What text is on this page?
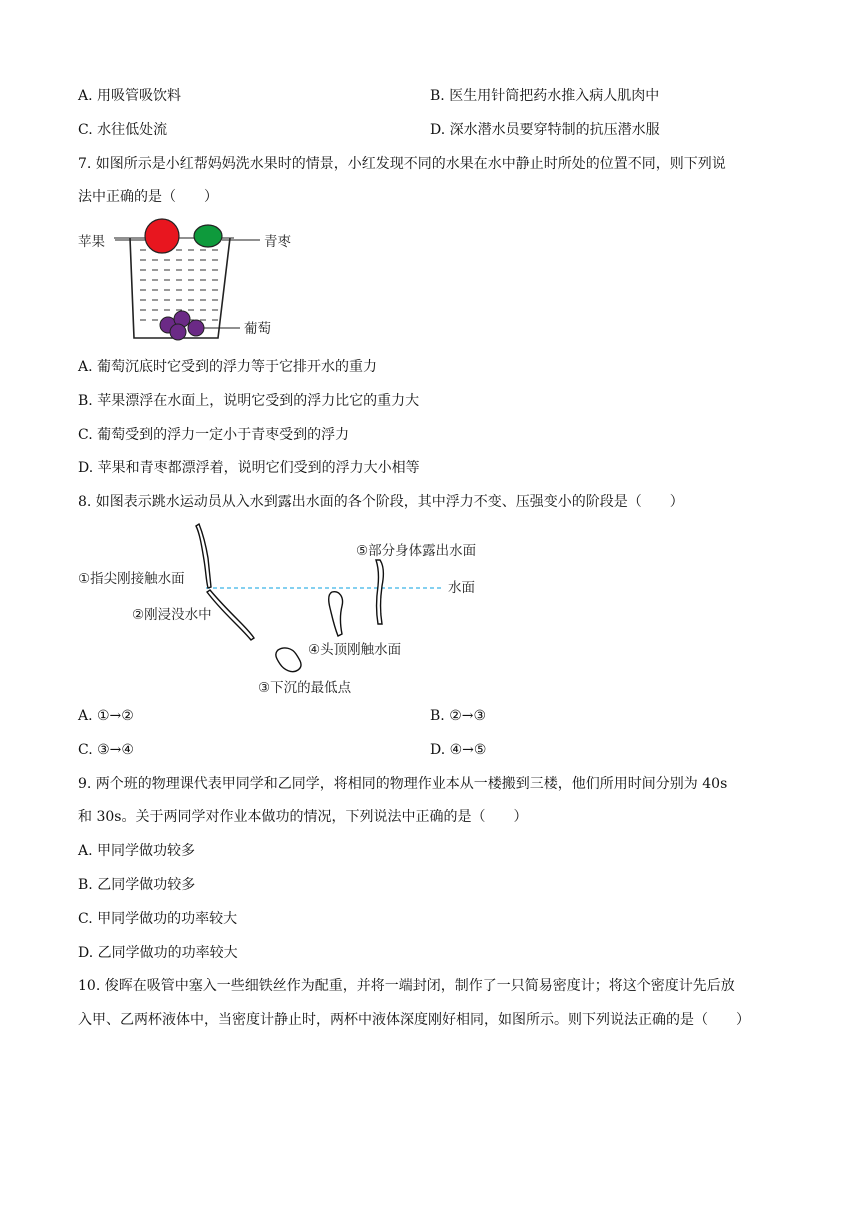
A. 用吸管吸饮料	B. 医生用针筒把药水推入病人肌肉中
C. 水往低处流	D. 深水潜水员要穿特制的抗压潜水服
7. 如图所示是小红帮妈妈洗水果时的情景，小红发现不同的水果在水中静止时所处的位置不同，则下列说
法中正确的是（　　）
苹果	青枣
葡萄
A. 葡萄沉底时它受到的浮力等于它排开水的重力
B. 苹果漂浮在水面上，说明它受到的浮力比它的重力大
C. 葡萄受到的浮力一定小于青枣受到的浮力
D. 苹果和青枣都漂浮着，说明它们受到的浮力大小相等
8. 如图表示跳水运动员从入水到露出水面的各个阶段，其中浮力不变、压强变小的阶段是（　　）
①指尖刚接触水面
②刚浸没水中
③下沉的最低点
④头顶刚触水面
⑤部分身体露出水面
水面
A. ①→②	B. ②→③
C. ③→④	D. ④→⑤
9. 两个班的物理课代表甲同学和乙同学，将相同的物理作业本从一楼搬到三楼，他们所用时间分别为 40s
和 30s。关于两同学对作业本做功的情况，下列说法中正确的是（　　）
A. 甲同学做功较多
B. 乙同学做功较多
C. 甲同学做功的功率较大
D. 乙同学做功的功率较大
10. 俊晖在吸管中塞入一些细铁丝作为配重，并将一端封闭，制作了一只简易密度计；将这个密度计先后放
入甲、乙两杯液体中，当密度计静止时，两杯中液体深度刚好相同，如图所示。则下列说法正确的是（　　）
